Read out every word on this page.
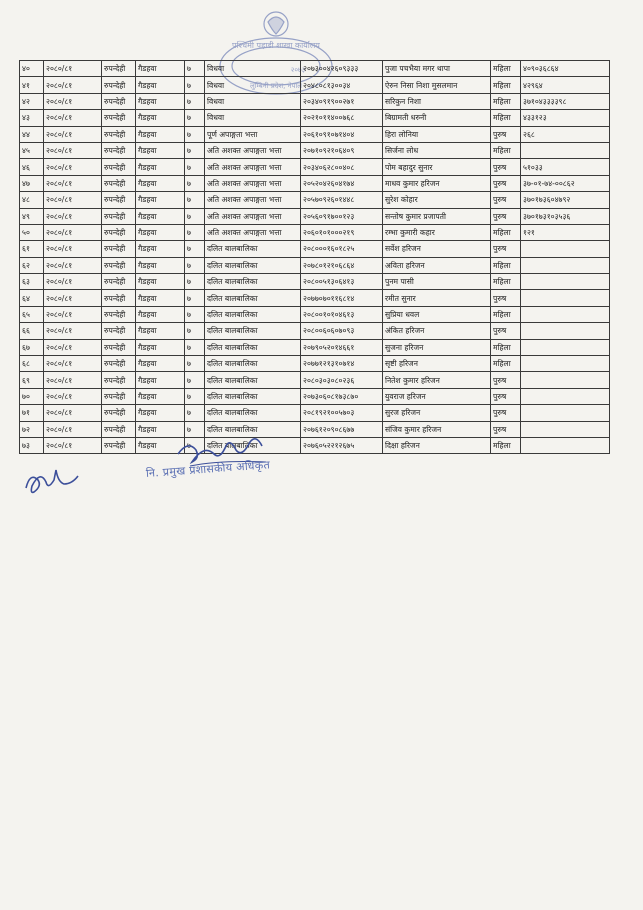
पश्चिमी पहाडी शाखा कार्यालय
२०७३
लुम्बिनी प्रदेश, नेपाल
४०	२०८०/८१	रुपन्देही	गैडहवा	७	विधवा	२०७३००४२६०९३३३	पुजा पचभैया मगर थापा	महिला	४०९०३६८६४
४१	२०८०/८१	रुपन्देही	गैडहवा	७	विधवा	२०४८०८१३००३४	ऐरुन निसा निशा मुसलमान	महिला	४२९६४
४२	२०८०/८१	रुपन्देही	गैडहवा	७	विधवा	२०३४०९१९००२७१	सरिकुन निशा	महिला	३७१०४३३३३९८
४३	२०८०/८१	रुपन्देही	गैडहवा	७	विधवा	२०२१०११४००७६८	बिग्रामती धरुनी	महिला	४३३१२३
४४	२०८०/८१	रुपन्देही	गैडहवा	७	पूर्ण अपाङ्गता भत्ता	२०६१०९१०७१४०४	हिरा लोनिया	पुरुष	२६८
४५	२०८०/८१	रुपन्देही	गैडहवा	७	अति अशक्त अपाङ्गता भत्ता	२०७१०९२१०६४०९	सिर्जना लोध	महिला	
४६	२०८०/८१	रुपन्देही	गैडहवा	७	अति अशक्त अपाङ्गता भत्ता	२०३४०६२८००४०८	पोम बहादुर सुनार	पुरुष	५१०३३
४७	२०८०/८१	रुपन्देही	गैडहवा	७	अति अशक्त अपाङ्गता भत्ता	२०५२०४२६०४१७४	माधव कुमार हरिजन	पुरुष	३७-०१-७४-००८६२
४८	२०८०/८१	रुपन्देही	गैडहवा	७	अति अशक्त अपाङ्गता भत्ता	२०५७०९२६०१४४८	सुरेश कोहार	पुरुष	३७०१७३६०४७९२
४९	२०८०/८१	रुपन्देही	गैडहवा	७	अति अशक्त अपाङ्गता भत्ता	२०५६०९१७००१२३	सन्तोष कुमार प्रजापती	पुरुष	३७०१७३१०३५३६
५०	२०८०/८१	रुपन्देही	गैडहवा	७	अति अशक्त अपाङ्गता भत्ता	२०६०१०१०००२१९	रम्भा कुमारी कहार	महिला	१२१
६१	२०८०/८१	रुपन्देही	गैडहवा	७	दलित बालबालिका	२०८०००१६०१८२५	सर्वेश हरिजन	पुरुष	
६२	२०८०/८१	रुपन्देही	गैडहवा	७	दलित बालबालिका	२०७८०१२१०६८६४	अविता हरिजन	महिला	
६३	२०८०/८१	रुपन्देही	गैडहवा	७	दलित बालबालिका	२०८००५१३०६४१३	पुनम पासी	महिला	
६४	२०८०/८१	रुपन्देही	गैडहवा	७	दलित बालबालिका	२०७७०७०११६८१४	रमीत सुनार	पुरुष	
६५	२०८०/८१	रुपन्देही	गैडहवा	७	दलित बालबालिका	२०८००१०१०४६१३	सुप्रिया धवल	महिला	
६६	२०८०/८१	रुपन्देही	गैडहवा	७	दलित बालबालिका	२०८००६०६०७०९३	अंकित हरिजन	पुरुष	
६७	२०८०/८१	रुपन्देही	गैडहवा	७	दलित बालबालिका	२०७९०५२०१४६६१	सुजना हरिजन	महिला	
६८	२०८०/८१	रुपन्देही	गैडहवा	७	दलित बालबालिका	२०७७१२१३१०७१४	सृष्टी हरिजन	महिला	
६९	२०८०/८१	रुपन्देही	गैडहवा	७	दलित बालबालिका	२०८०३०३०८०२३६	नितेश कुमार हरिजन	पुरुष	
७०	२०८०/८१	रुपन्देही	गैडहवा	७	दलित बालबालिका	२०७३०६०८१७३८७०	युवराज हरिजन	पुरुष	
७१	२०८०/८१	रुपन्देही	गैडहवा	७	दलित बालबालिका	२०८१९२१००५७०३	सुरज हरिजन	पुरुष	
७२	२०८०/८१	रुपन्देही	गैडहवा	७	दलित बालबालिका	२०७६१२०९०८६७७	संजिव कुमार हरिजन	पुरुष	
७३	२०८०/८१	रुपन्देही	गैडहवा	७	दलित बालबालिका	२०७६०५२२१२६७५	दिक्षा हरिजन	महिला	
नि. प्रमुख प्रशासकीय अधिकृत
